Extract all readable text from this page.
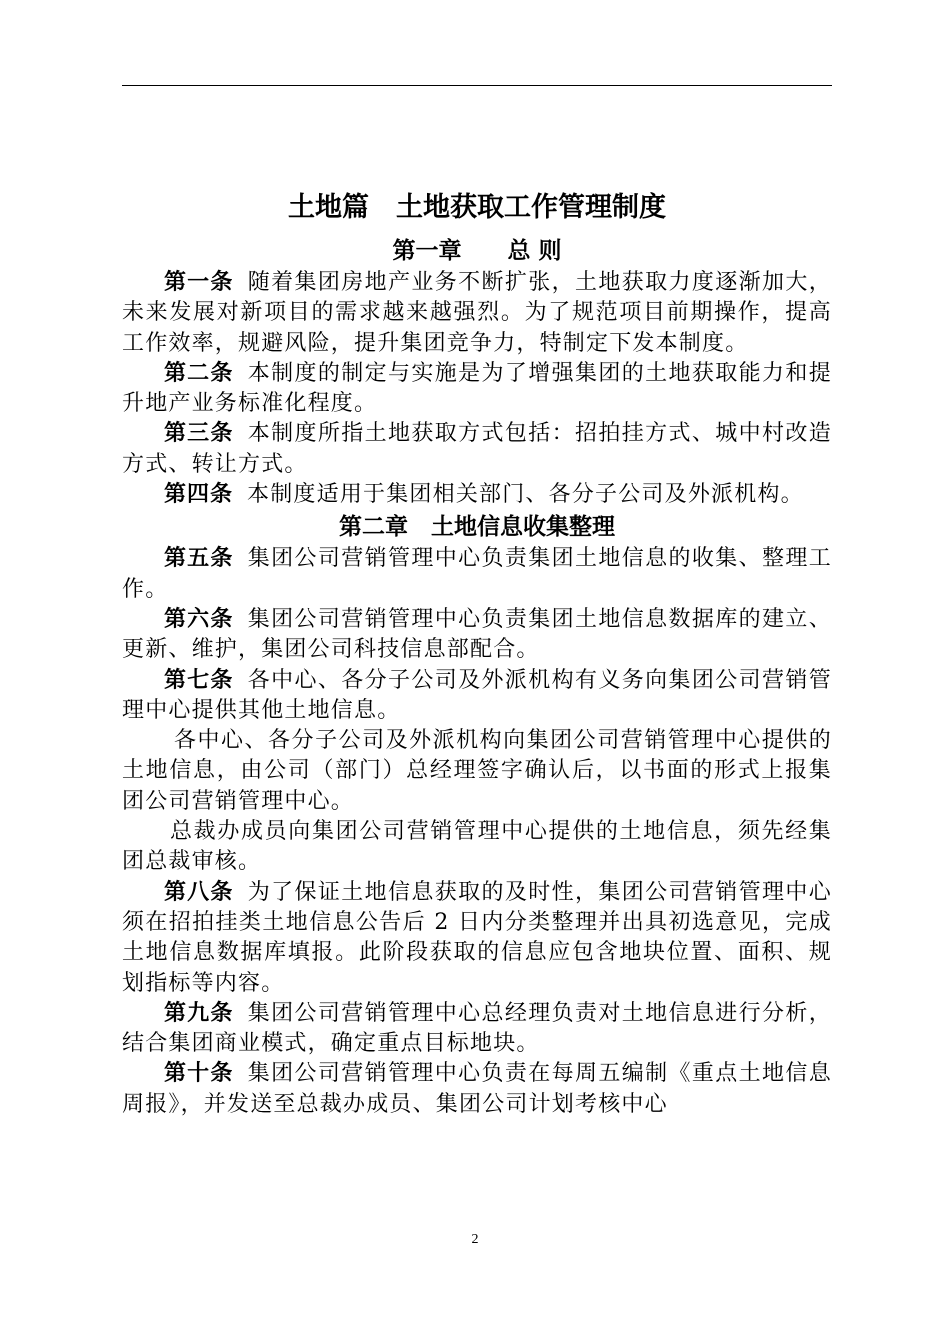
土地篇　土地获取工作管理制度
第一章　　总 则

第一条 随着集团房地产业务不断扩张，土地获取力度逐渐加大，未来发展对新项目的需求越来越强烈。为了规范项目前期操作，提高工作效率，规避风险，提升集团竞争力，特制定下发本制度。

第二条 本制度的制定与实施是为了增强集团的土地获取能力和提升地产业务标准化程度。

第三条 本制度所指土地获取方式包括：招拍挂方式、城中村改造方式、转让方式。

第四条 本制度适用于集团相关部门、各分子公司及外派机构。

第二章　土地信息收集整理

第五条 集团公司营销管理中心负责集团土地信息的收集、整理工作。

第六条 集团公司营销管理中心负责集团土地信息数据库的建立、更新、维护，集团公司科技信息部配合。

第七条 各中心、各分子公司及外派机构有义务向集团公司营销管理中心提供其他土地信息。

各中心、各分子公司及外派机构向集团公司营销管理中心提供的土地信息，由公司（部门）总经理签字确认后，以书面的形式上报集团公司营销管理中心。

总裁办成员向集团公司营销管理中心提供的土地信息，须先经集团总裁审核。

第八条 为了保证土地信息获取的及时性，集团公司营销管理中心须在招拍挂类土地信息公告后 2 日内分类整理并出具初选意见，完成土地信息数据库填报。此阶段获取的信息应包含地块位置、面积、规划指标等内容。

第九条 集团公司营销管理中心总经理负责对土地信息进行分析，结合集团商业模式，确定重点目标地块。

第十条 集团公司营销管理中心负责在每周五编制《重点土地信息周报》，并发送至总裁办成员、集团公司计划考核中心

2
